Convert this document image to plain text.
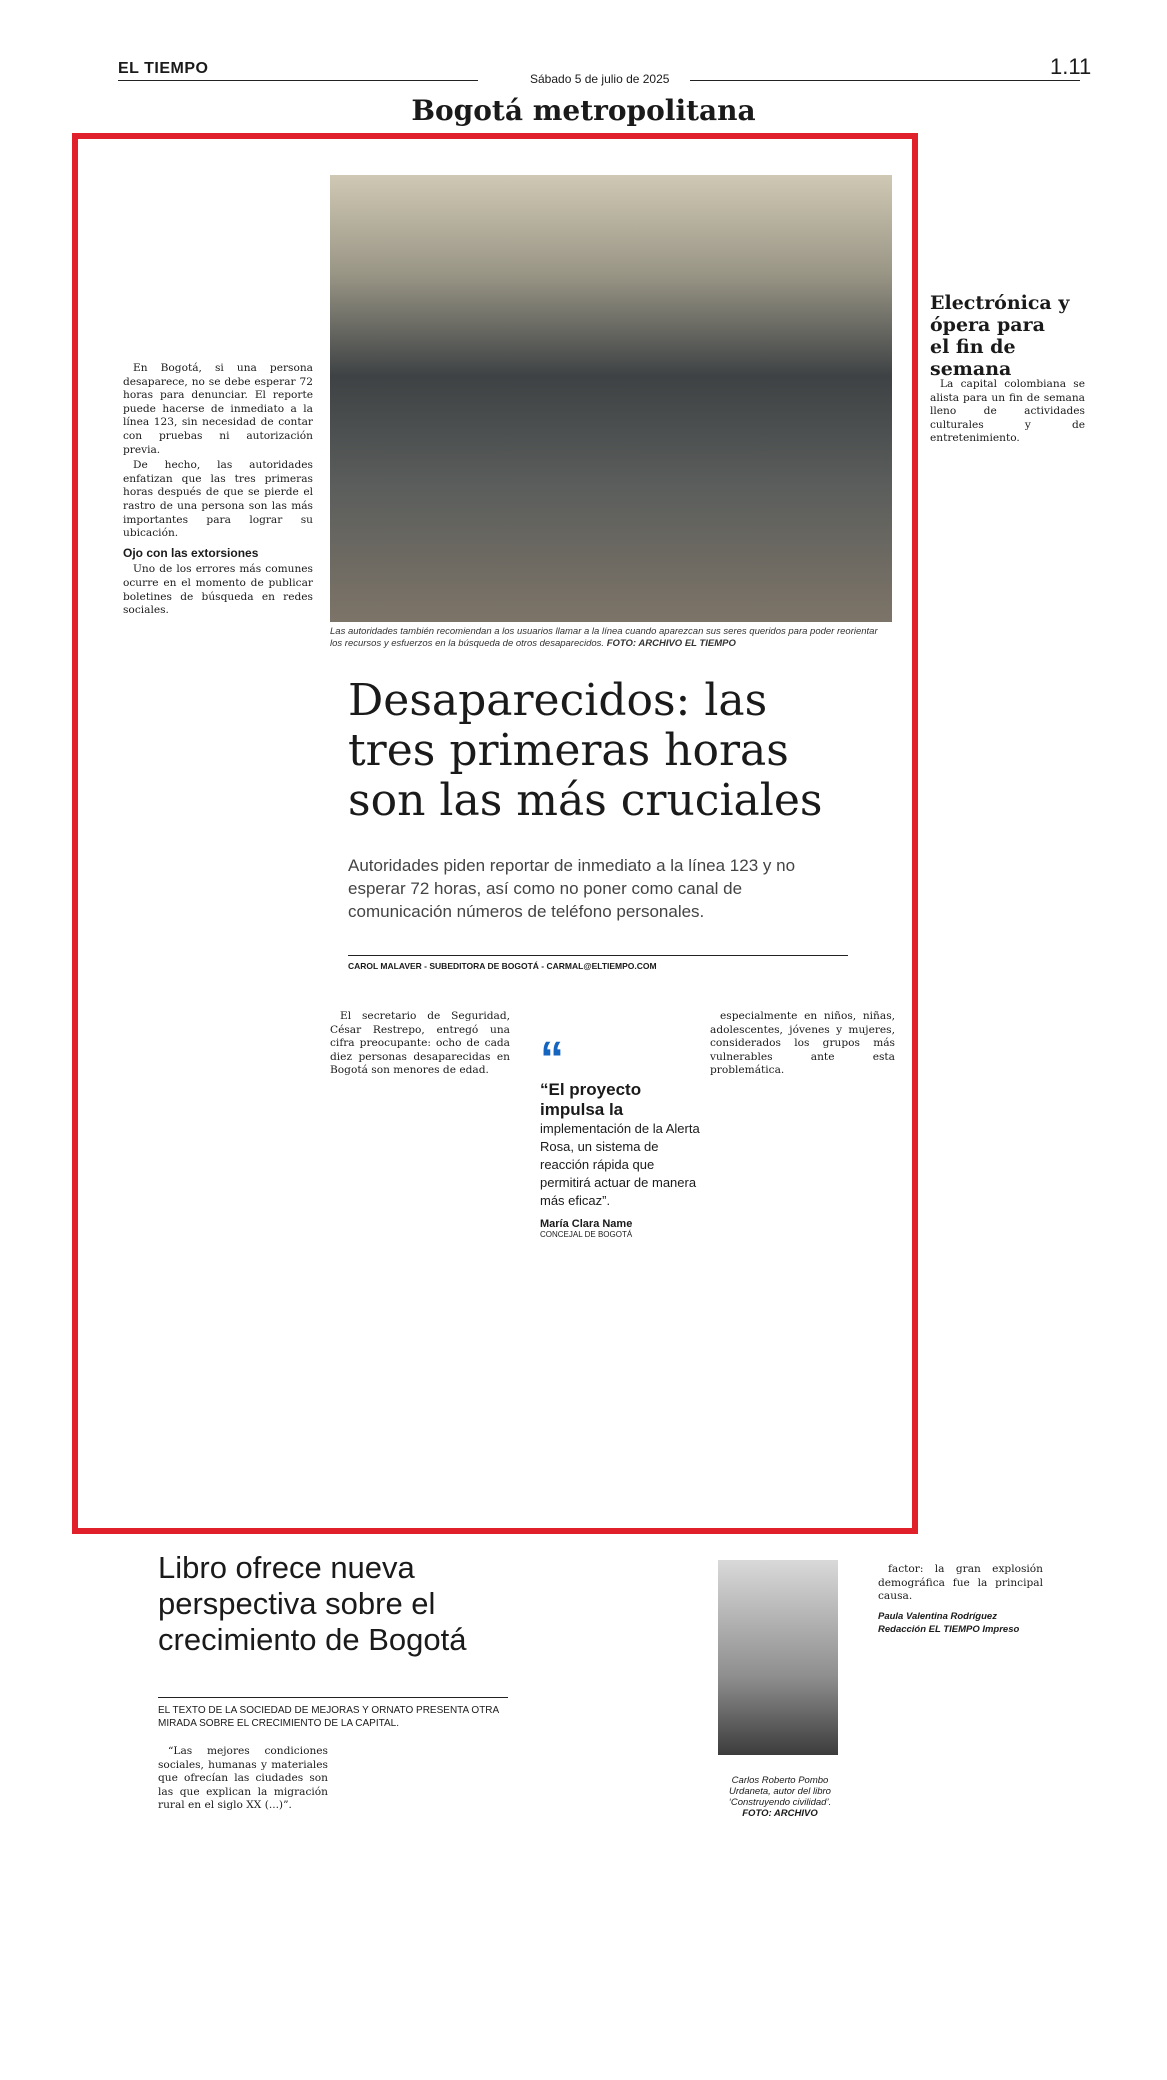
EL TIEMPO
Sábado 5 de julio de 2025	1.11
Bogotá metropolitana
Las autoridades también recomiendan a los usuarios llamar a la línea cuando aparezcan sus seres queridos para poder reorientar los recursos y esfuerzos en la búsqueda de otros desaparecidos. FOTO: ARCHIVO EL TIEMPO
Desaparecidos: las tres primeras horas son las más cruciales
Autoridades piden reportar de inmediato a la línea 123 y no esperar 72 horas, así como no poner como canal de comunicación números de teléfono personales.
CAROL MALAVER - SUBEDITORA DE BOGOTÁ - CARMAL@ELTIEMPO.COM

En Bogotá, si una persona desaparece, no se debe esperar 72 horas para denunciar. El reporte puede hacerse de inmediato a la línea 123, sin necesidad de contar con pruebas ni autorización previa.

De hecho, las autoridades enfatizan que las tres primeras horas después de que se pierde el rastro de una persona son las más importantes para lograr su ubicación.

Ojo con las extorsiones

Uno de los errores más comunes ocurre en el momento de publicar boletines de búsqueda en redes sociales.

El secretario de Seguridad, César Restrepo, entregó una cifra preocupante: ocho de cada diez personas desaparecidas en Bogotá son menores de edad.

especialmente en niños, niñas, adolescentes, jóvenes y mujeres, considerados los grupos más vulnerables ante esta problemática.

“
“El proyecto impulsa la
implementación de la Alerta Rosa, un sistema de reacción rápida que permitirá actuar de manera más eficaz”.
María Clara Name
CONCEJAL DE BOGOTÁ
Electrónica y ópera para el fin de semana

La capital colombiana se alista para un fin de semana lleno de actividades culturales y de entretenimiento.

Libro ofrece nueva perspectiva sobre el crecimiento de Bogotá
EL TEXTO DE LA SOCIEDAD DE MEJORAS Y ORNATO PRESENTA OTRA MIRADA SOBRE EL CRECIMIENTO DE LA CAPITAL.

“Las mejores condiciones sociales, humanas y materiales que ofrecían las ciudades son las que explican la migración rural en el siglo XX (...)”.

Carlos Roberto Pombo Urdaneta, autor del libro ‘Construyendo civilidad’. FOTO: ARCHIVO

factor: la gran explosión demográfica fue la principal causa.

Paula Valentina Rodríguez
Redacción EL TIEMPO Impreso
